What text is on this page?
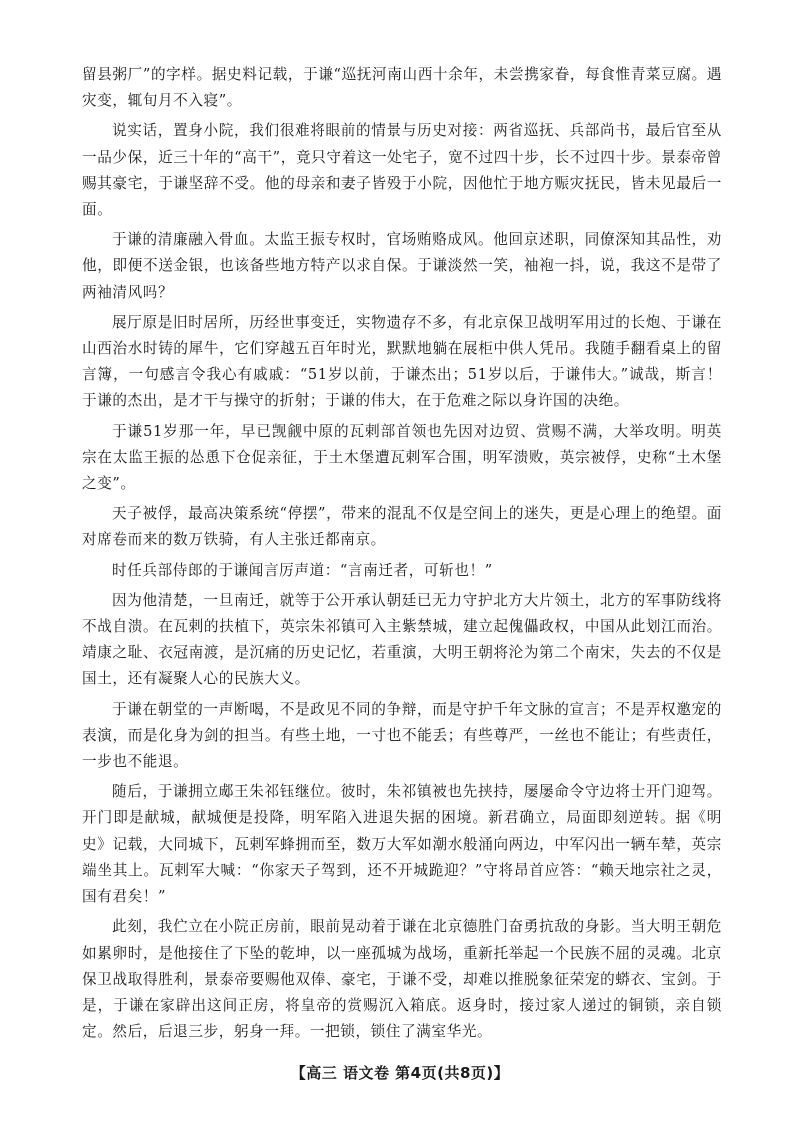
留县粥厂”的字样。据史料记载，于谦“巡抚河南山西十余年，未尝携家眷，每食惟青菜豆腐。遇灾变，辄旬月不入寝”。

说实话，置身小院，我们很难将眼前的情景与历史对接：两省巡抚、兵部尚书，最后官至从一品少保，近三十年的“高干”，竟只守着这一处宅子，宽不过四十步，长不过四十步。景泰帝曾赐其豪宅，于谦坚辞不受。他的母亲和妻子皆殁于小院，因他忙于地方赈灾抚民，皆未见最后一面。

于谦的清廉融入骨血。太监王振专权时，官场贿赂成风。他回京述职，同僚深知其品性，劝他，即便不送金银，也该备些地方特产以求自保。于谦淡然一笑，袖袍一抖，说，我这不是带了两袖清风吗？

展厅原是旧时居所，历经世事变迁，实物遗存不多，有北京保卫战明军用过的长炮、于谦在山西治水时铸的犀牛，它们穿越五百年时光，默默地躺在展柜中供人凭吊。我随手翻看桌上的留言簿，一句感言令我心有戚戚：“51岁以前，于谦杰出；51岁以后，于谦伟大。”诚哉，斯言！于谦的杰出，是才干与操守的折射；于谦的伟大，在于危难之际以身许国的决绝。

于谦51岁那一年，早已觊觎中原的瓦剌部首领也先因对边贸、赏赐不满，大举攻明。明英宗在太监王振的怂恿下仓促亲征，于土木堡遭瓦剌军合围，明军溃败，英宗被俘，史称“土木堡之变”。

天子被俘，最高决策系统“停摆”，带来的混乱不仅是空间上的迷失，更是心理上的绝望。面对席卷而来的数万铁骑，有人主张迁都南京。

时任兵部侍郎的于谦闻言厉声道：“言南迁者，可斩也！”

因为他清楚，一旦南迁，就等于公开承认朝廷已无力守护北方大片领土，北方的军事防线将不战自溃。在瓦剌的扶植下，英宗朱祁镇可入主紫禁城，建立起傀儡政权，中国从此划江而治。靖康之耻、衣冠南渡，是沉痛的历史记忆，若重演，大明王朝将沦为第二个南宋，失去的不仅是国土，还有凝聚人心的民族大义。

于谦在朝堂的一声断喝，不是政见不同的争辩，而是守护千年文脉的宣言；不是弄权邀宠的表演，而是化身为剑的担当。有些土地，一寸也不能丢；有些尊严，一丝也不能让；有些责任，一步也不能退。

随后，于谦拥立郕王朱祁钰继位。彼时，朱祁镇被也先挟持，屡屡命令守边将士开门迎驾。开门即是献城，献城便是投降，明军陷入进退失据的困境。新君确立，局面即刻逆转。据《明史》记载，大同城下，瓦剌军蜂拥而至，数万大军如潮水般涌向两边，中军闪出一辆车辇，英宗端坐其上。瓦剌军大喊：“你家天子驾到，还不开城跪迎？”守将昂首应答：“赖天地宗社之灵，国有君矣！”

此刻，我伫立在小院正房前，眼前晃动着于谦在北京德胜门奋勇抗敌的身影。当大明王朝危如累卵时，是他接住了下坠的乾坤，以一座孤城为战场，重新托举起一个民族不屈的灵魂。北京保卫战取得胜利，景泰帝要赐他双俸、豪宅，于谦不受，却难以推脱象征荣宠的蟒衣、宝剑。于是，于谦在家辟出这间正房，将皇帝的赏赐沉入箱底。返身时，接过家人递过的铜锁，亲自锁定。然后，后退三步，躬身一拜。一把锁，锁住了满室华光。

【高三 语文卷 第4页(共8页)】
